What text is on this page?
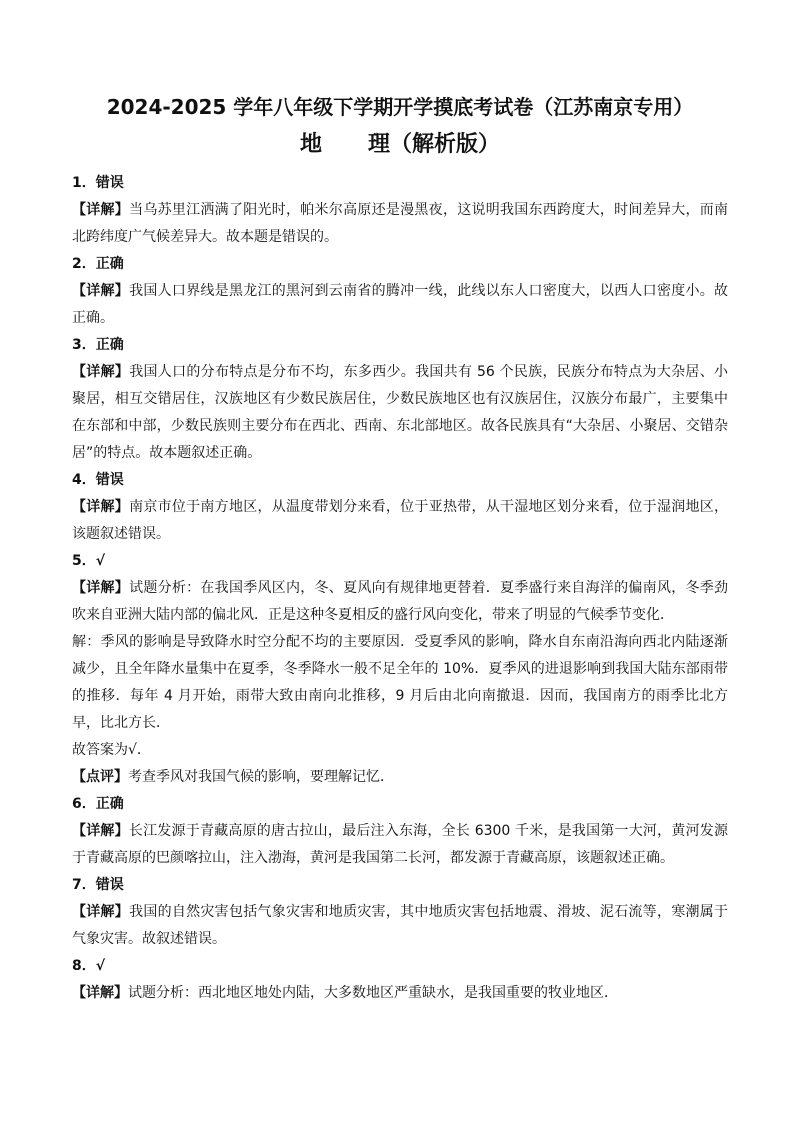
2024-2025 学年八年级下学期开学摸底考试卷（江苏南京专用）
地 理（解析版）
1．错误
【详解】当乌苏里江洒满了阳光时，帕米尔高原还是漫黑夜，这说明我国东西跨度大，时间差异大，而南北跨纬度广气候差异大。故本题是错误的。
2．正确
【详解】我国人口界线是黑龙江的黑河到云南省的腾冲一线，此线以东人口密度大，以西人口密度小。故正确。
3．正确
【详解】我国人口的分布特点是分布不均，东多西少。我国共有 56 个民族，民族分布特点为大杂居、小聚居，相互交错居住，汉族地区有少数民族居住，少数民族地区也有汉族居住，汉族分布最广，主要集中在东部和中部，少数民族则主要分布在西北、西南、东北部地区。故各民族具有“大杂居、小聚居、交错杂居”的特点。故本题叙述正确。
4．错误
【详解】南京市位于南方地区，从温度带划分来看，位于亚热带，从干湿地区划分来看，位于湿润地区，该题叙述错误。
5．√
【详解】试题分析：在我国季风区内，冬、夏风向有规律地更替着．夏季盛行来自海洋的偏南风，冬季劲吹来自亚洲大陆内部的偏北风．正是这种冬夏相反的盛行风向变化，带来了明显的气候季节变化．
解：季风的影响是导致降水时空分配不均的主要原因．受夏季风的影响，降水自东南沿海向西北内陆逐渐减少，且全年降水量集中在夏季，冬季降水一般不足全年的 10%．夏季风的进退影响到我国大陆东部雨带的推移．每年 4 月开始，雨带大致由南向北推移，9 月后由北向南撤退．因而，我国南方的雨季比北方早，比北方长．
故答案为√．
【点评】考查季风对我国气候的影响，要理解记忆．
6．正确
【详解】长江发源于青藏高原的唐古拉山，最后注入东海，全长 6300 千米，是我国第一大河，黄河发源于青藏高原的巴颜喀拉山，注入渤海，黄河是我国第二长河，都发源于青藏高原，该题叙述正确。
7．错误
【详解】我国的自然灾害包括气象灾害和地质灾害，其中地质灾害包括地震、滑坡、泥石流等，寒潮属于气象灾害。故叙述错误。
8．√
【详解】试题分析：西北地区地处内陆，大多数地区严重缺水，是我国重要的牧业地区．
